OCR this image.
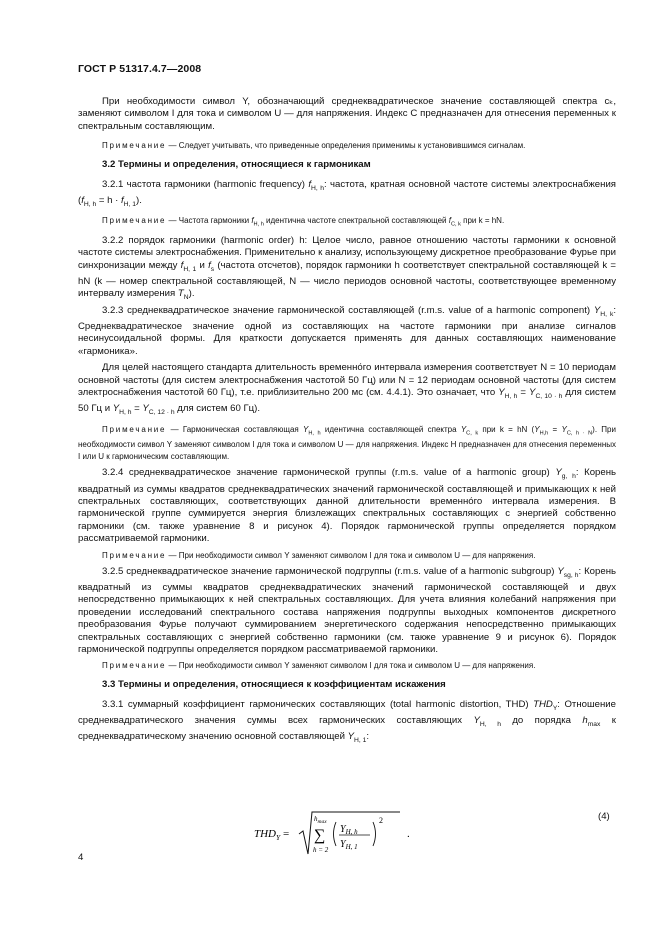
ГОСТ Р 51317.4.7—2008

При необходимости символ Y, обозначающий среднеквадратическое значение составляющей спектра cₖ, заменяют символом I для тока и символом U — для напряжения. Индекс C предназначен для отнесения переменных к спектральным составляющим.

Примечание — Следует учитывать, что приведенные определения применимы к установившимся сигналам.

3.2 Термины и определения, относящиеся к гармоникам

3.2.1 частота гармоники (harmonic frequency) $f_{H, h}$: частота, кратная основной частоте системы электроснабжения $(f_{H, h} = h \cdot f_{H, 1})$.

Примечание — Частота гармоники $f_{H, h}$ идентична частоте спектральной составляющей $f_{C, k}$ при k = hN.

3.2.2 порядок гармоники (harmonic order) h: Целое число, равное отношению частоты гармоники к основной частоте системы электроснабжения. Применительно к анализу, использующему дискретное преобразование Фурье при синхронизации между $f_{H, 1}$ и $f_s$ (частота отсчетов), порядок гармоники h соответствует спектральной составляющей k = hN (k — номер спектральной составляющей, N — число периодов основной частоты, соответствующее временному интервалу измерения $T_N$).

3.2.3 среднеквадратическое значение гармонической составляющей (r.m.s. value of a harmonic component) $Y_{H, k}$: Среднеквадратическое значение одной из составляющих на частоте гармоники при анализе сигналов несинусоидальной формы. Для краткости допускается применять для данных составляющих наименование «гармоника».

Для целей настоящего стандарта длительность временно́го интервала измерения соответствует N = 10 периодам основной частоты (для систем электроснабжения частотой 50 Гц) или N = 12 периодам основной частоты (для систем электроснабжения частотой 60 Гц), т.е. приблизительно 200 мс (см. 4.4.1). Это означает, что $Y_{H, h} = Y_{C, 10 \cdot h}$ для систем 50 Гц и $Y_{H, h} = Y_{C, 12 \cdot h}$ для систем 60 Гц).

Примечание — Гармоническая составляющая $Y_{H, h}$ идентична составляющей спектра $Y_{C, k}$ при k = hN $(Y_{H,h} = Y_{C, h \cdot N})$. При необходимости символ Y заменяют символом I для тока и символом U — для напряжения. Индекс H предназначен для отнесения переменных I или U к гармоническим составляющим.

3.2.4 среднеквадратическое значение гармонической группы (r.m.s. value of a harmonic group) $Y_{g, h}$: Корень квадратный из суммы квадратов среднеквадратических значений гармонической составляющей и примыкающих к ней спектральных составляющих, соответствующих данной длительности временно́го интервала измерения. В гармонической группе суммируется энергия близлежащих спектральных составляющих с энергией собственно гармоники (см. также уравнение 8 и рисунок 4). Порядок гармонической группы определяется порядком рассматриваемой гармоники.

Примечание — При необходимости символ Y заменяют символом I для тока и символом U — для напряжения.

3.2.5 среднеквадратическое значение гармонической подгруппы (r.m.s. value of a harmonic subgroup) $Y_{sg, h}$: Корень квадратный из суммы квадратов среднеквадратических значений гармонической составляющей и двух непосредственно примыкающих к ней спектральных составляющих. Для учета влияния колебаний напряжения при проведении исследований спектрального состава напряжения подгруппы выходных компонентов дискретного преобразования Фурье получают суммированием энергетического содержания непосредственно примыкающих спектральных составляющих с энергией собственно гармоники (см. также уравнение 9 и рисунок 6). Порядок гармонической подгруппы определяется порядком рассматриваемой гармоники.

Примечание — При необходимости символ Y заменяют символом I для тока и символом U — для напряжения.

3.3 Термины и определения, относящиеся к коэффициентам искажения

3.3.1 суммарный коэффициент гармонических составляющих (total harmonic distortion, THD) $THD_Y$: Отношение среднеквадратического значения суммы всех гармонических составляющих $Y_{H, h}$ до порядка $h_{max}$ к среднеквадратическому значению основной составляющей $Y_{H, 1}$:

$THD_Y$ =
$h_{max}$
∑
h = 2
$Y_{H, h}$
$Y_{H, 1}$
2
.
(4)
4
